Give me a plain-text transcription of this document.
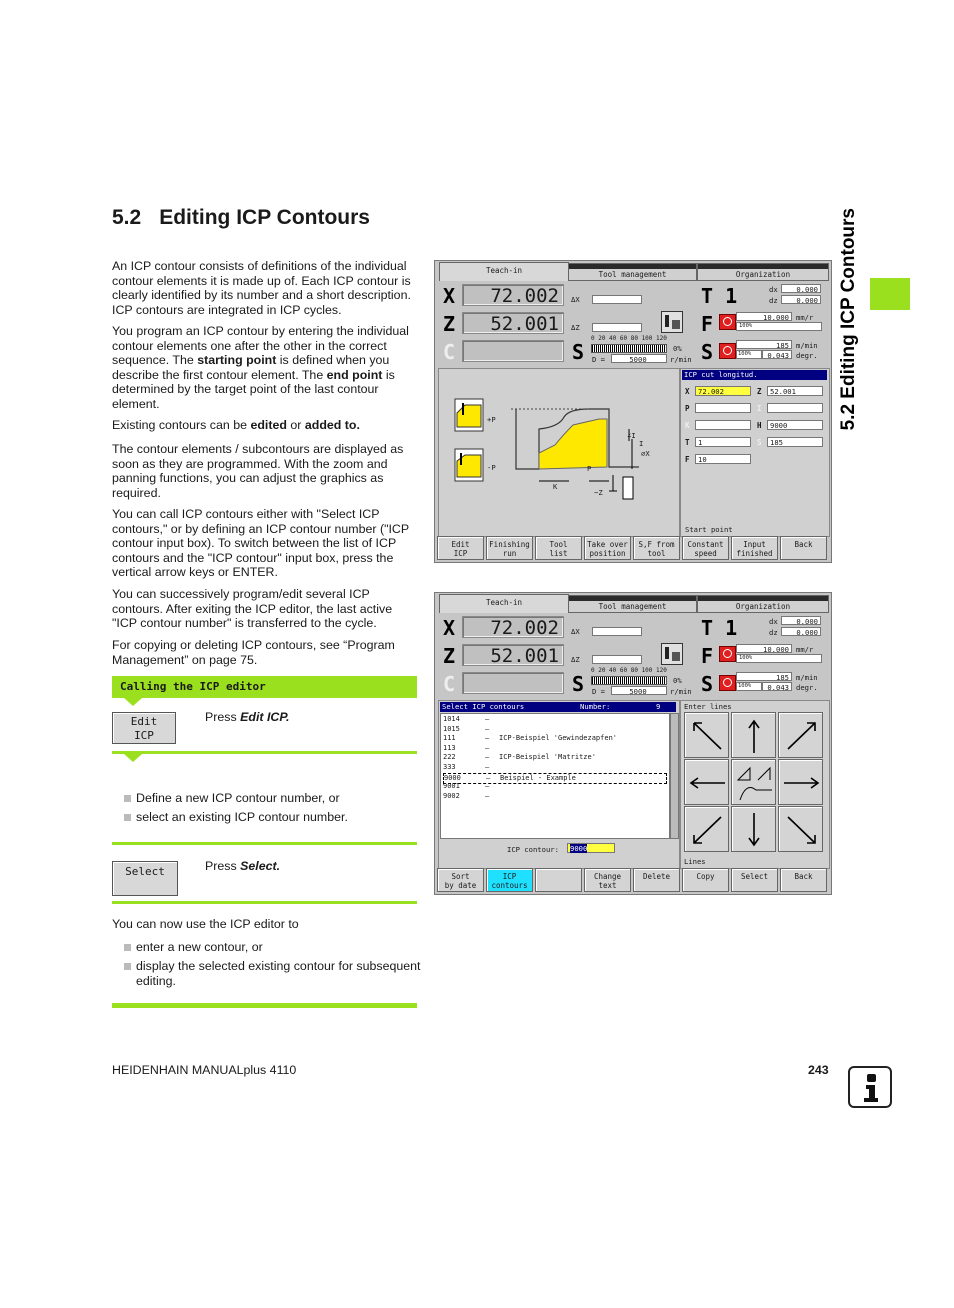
5.2 Editing ICP Contours	5.2 Editing ICP Contours

An ICP contour consists of definitions of the individual contour elements it is made up of. Each ICP contour is clearly identified by its number and a short description. ICP contours are integrated in ICP cycles.

You program an ICP contour by entering the individual contour elements one after the other in the correct sequence. The starting point is defined when you describe the first contour element. The end point is determined by the target point of the last contour element.

Existing contours can be edited or added to.

The contour elements / subcontours are displayed as soon as they are programmed. With the zoom and panning functions, you can adjust the graphics as required.

You can call ICP contours either with "Select ICP contours," or by defining an ICP contour number ("ICP contour input box). To switch between the list of ICP contours and the "ICP contour" input box, press the vertical arrow keys or ENTER.

You can successively program/edit several ICP contours. After exiting the ICP editor, the last active "ICP contour number" is transferred to the cycle.

For copying or deleting ICP contours, see “Program Management” on page 75.

Calling the ICP editor
Edit
ICP
Press Edit ICP.
Define a new ICP contour number, or
select an existing ICP contour number.
Select	Press Select.

You can now use the ICP editor to

enter a new contour, or
display the selected existing contour for subsequent editing.
HEIDENHAIN MANUALplus 4110	243
Teach-in	Tool management	Organization
X	72.002	ΔX
Z	52.001	ΔZ
C	S
0 20 40 60 80 100 120
0%
D =	5000	r/min
T 1	dx	0.000
dz	0.000
F	10.000 mm/r
100%
S	185 m/min
100%	0.043 degr.
+P
-P
∠I
∅X
P
K
−Z
I
ICP cut longitud.
X	72.002	Z	52.001
P	I
K	H	9000
T	1	S	185
F	10
Start point
Edit
ICP
Finishing
run
Tool
list
Take over
position
S,F from
tool
Constant
speed
Input
finished
Back
Teach-in	Tool management	Organization
X	72.002	ΔX
Z	52.001	ΔZ
C	S
0 20 40 60 80 100 120
0%
D =	5000	r/min
T 1	dx	0.000
dz	0.000
F	10.000 mm/r
100%
S	185 m/min
100%	0.043 degr.
Select ICP contours	Number:	9
1014	–
1015	–
111	– ICP-Beispiel 'Gewindezapfen'
113	–
222	– ICP-Beispiel 'Matritze'
333	–
9000	– Beispiel - Example
9001	–
9002	–
ICP contour:	9000
Enter lines
Lines
Sort
by date
ICP
contours
Change
text
Delete	Copy	Select	Back
